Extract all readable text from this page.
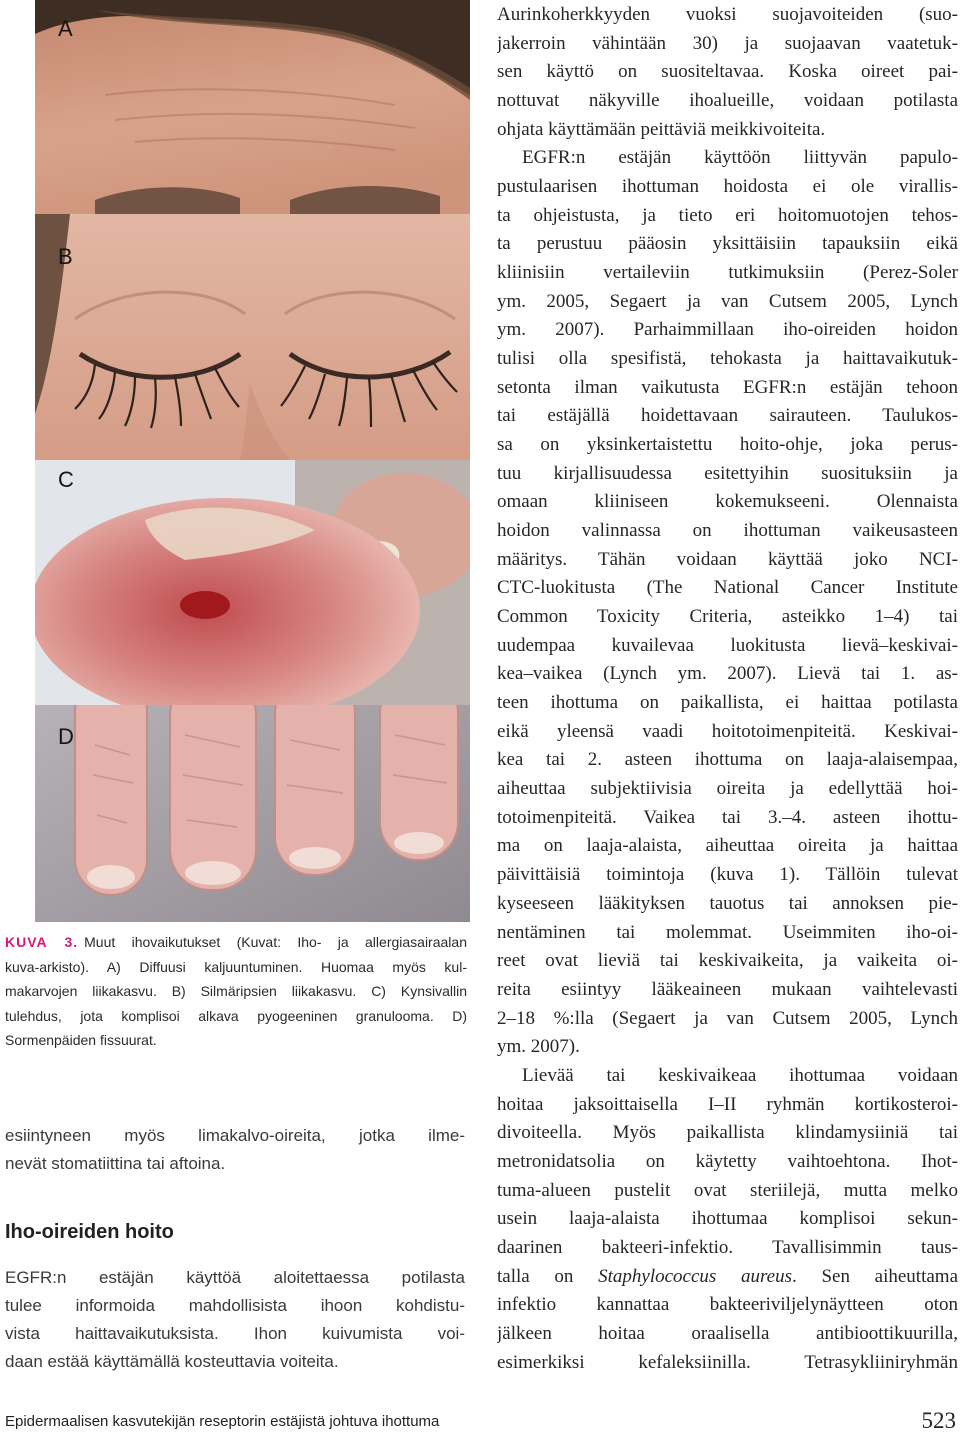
A
B
C
D
KUVA 3. Muut ihovaikutukset (Kuvat: Iho- ja allergiasairaalan
kuva-arkisto). A) Diffuusi kaljuuntuminen. Huomaa myös kul-
makarvojen liikakasvu. B) Silmäripsien liikakasvu. C) Kynsivallin
tulehdus, jota komplisoi alkava pyogeeninen granulooma. D)
Sormenpäiden fissuurat.
esiintyneen myös limakalvo-oireita, jotka ilme-
nevät stomatiittina tai aftoina.
Iho-oireiden hoito
EGFR:n estäjän käyttöä aloitettaessa potilasta
tulee informoida mahdollisista ihoon kohdistu-
vista haittavaikutuksista. Ihon kuivumista voi-
daan estää käyttämällä kosteuttavia voiteita.
Aurinkoherkkyyden vuoksi suojavoiteiden (suo-
jakerroin vähintään 30) ja suojaavan vaatetuk-
sen käyttö on suositeltavaa. Koska oireet pai-
nottuvat näkyville ihoalueille, voidaan potilasta
ohjata käyttämään peittäviä meikkivoiteita.
EGFR:n estäjän käyttöön liittyvän papulo-
pustulaarisen ihottuman hoidosta ei ole virallis-
ta ohjeistusta, ja tieto eri hoitomuotojen tehos-
ta perustuu pääosin yksittäisiin tapauksiin eikä
kliinisiin vertaileviin tutkimuksiin (Perez-Soler
ym. 2005, Segaert ja van Cutsem 2005, Lynch
ym. 2007). Parhaimmillaan iho-oireiden hoidon
tulisi olla spesifistä, tehokasta ja haittavaikutuk-
setonta ilman vaikutusta EGFR:n estäjän tehoon
tai estäjällä hoidettavaan sairauteen. Taulukos-
sa on yksinkertaistettu hoito-ohje, joka perus-
tuu kirjallisuudessa esitettyihin suosituksiin ja
omaan kliiniseen kokemukseeni. Olennaista
hoidon valinnassa on ihottuman vaikeusasteen
määritys. Tähän voidaan käyttää joko NCI-
CTC-luokitusta (The National Cancer Institute
Common Toxicity Criteria, asteikko 1–4) tai
uudempaa kuvailevaa luokitusta lievä–keskivai-
kea–vaikea (Lynch ym. 2007). Lievä tai 1. as-
teen ihottuma on paikallista, ei haittaa potilasta
eikä yleensä vaadi hoitotoimenpiteitä. Keskivai-
kea tai 2. asteen ihottuma on laaja-alaisempaa,
aiheuttaa subjektiivisia oireita ja edellyttää hoi-
totoimenpiteitä. Vaikea tai 3.–4. asteen ihottu-
ma on laaja-alaista, aiheuttaa oireita ja haittaa
päivittäisiä toimintoja (kuva 1). Tällöin tulevat
kyseeseen lääkityksen tauotus tai annoksen pie-
nentäminen tai molemmat. Useimmiten iho-oi-
reet ovat lieviä tai keskivaikeita, ja vaikeita oi-
reita esiintyy lääkeaineen mukaan vaihtelevasti
2–18 %:lla (Segaert ja van Cutsem 2005, Lynch
ym. 2007).
Lievää tai keskivaikeaa ihottumaa voidaan
hoitaa jaksoittaisella I–II ryhmän kortikosteroi-
divoiteella. Myös paikallista klindamysiiniä tai
metronidatsolia on käytetty vaihtoehtona. Ihot-
tuma-alueen pustelit ovat steriilejä, mutta melko
usein laaja-alaista ihottumaa komplisoi sekun-
daarinen bakteeri-infektio. Tavallisimmin taus-
talla on Staphylococcus aureus. Sen aiheuttama
infektio kannattaa bakteeriviljelynäytteen oton
jälkeen hoitaa oraalisella antibioottikuurilla,
esimerkiksi kefaleksiinilla. Tetrasykliiniryhmän
Epidermaalisen kasvutekijän reseptorin estäjistä johtuva ihottuma	523
